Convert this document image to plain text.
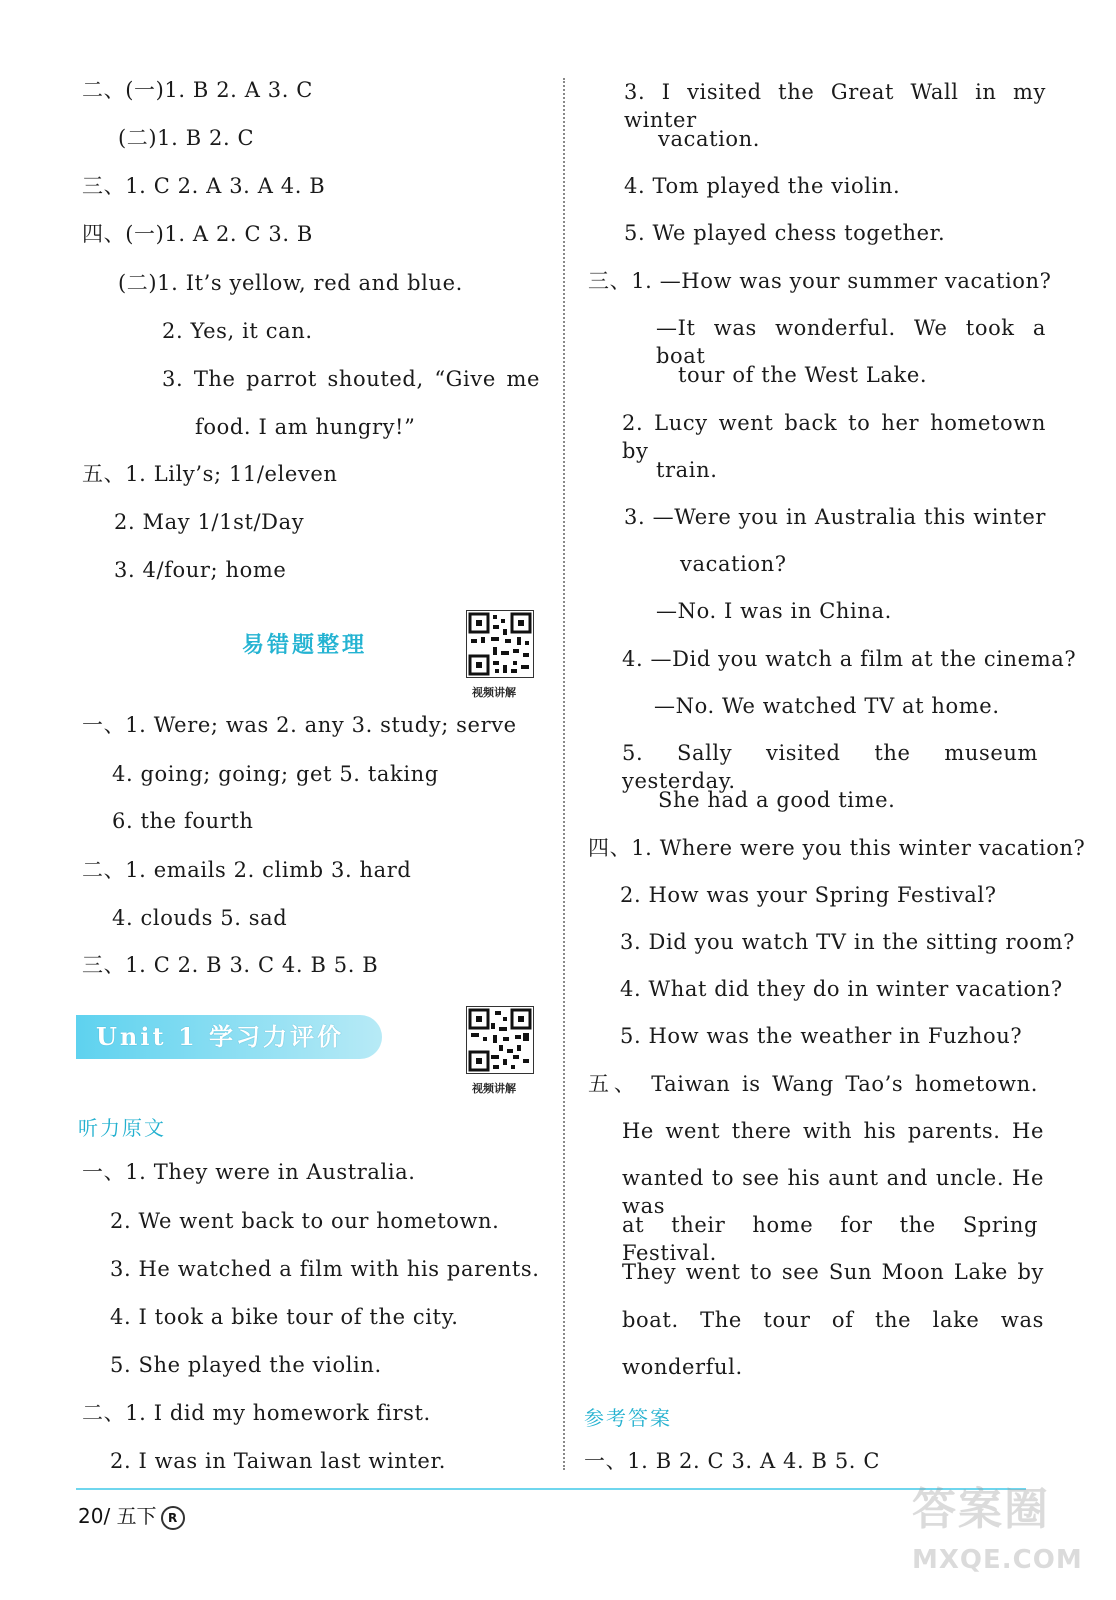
二、(一)1. B 2. A 3. C
(二)1. B 2. C
三、1. C 2. A 3. A 4. B
四、(一)1. A 2. C 3. B
(二)1. It’s yellow, red and blue.
2. Yes, it can.
3. The parrot shouted, “Give me
food. I am hungry!”
五、1. Lily’s; 11/eleven
2. May 1/1st/Day
3. 4/four; home
一、1. Were; was 2. any 3. study; serve
4. going; going; get 5. taking
6. the fourth
二、1. emails 2. climb 3. hard
4. clouds 5. sad
三、1. C 2. B 3. C 4. B 5. B
一、1. They were in Australia.
2. We went back to our hometown.
3. He watched a film with his parents.
4. I took a bike tour of the city.
5. She played the violin.
二、1. I did my homework first.
2. I was in Taiwan last winter.
3. I visited the Great Wall in my winter
vacation.
4. Tom played the violin.
5. We played chess together.
三、1. —How was your summer vacation?
—It was wonderful. We took a boat
tour of the West Lake.
2. Lucy went back to her hometown by
train.
3. —Were you in Australia this winter
vacation?
—No. I was in China.
4. —Did you watch a film at the cinema?
—No. We watched TV at home.
5. Sally visited the museum yesterday.
She had a good time.
四、1. Where were you this winter vacation?
2. How was your Spring Festival?
3. Did you watch TV in the sitting room?
4. What did they do in winter vacation?
5. How was the weather in Fuzhou?
五、 Taiwan is Wang Tao’s hometown.
He went there with his parents. He
wanted to see his aunt and uncle. He was
at their home for the Spring Festival.
They went to see Sun Moon Lake by
boat. The tour of the lake was
wonderful.
一、1. B 2. C 3. A 4. B 5. C
易错题整理
视频讲解
Unit 1 学习力评价
视频讲解
听力原文
参考答案
20/ 五下 R	答案圈
MXQE.COM
